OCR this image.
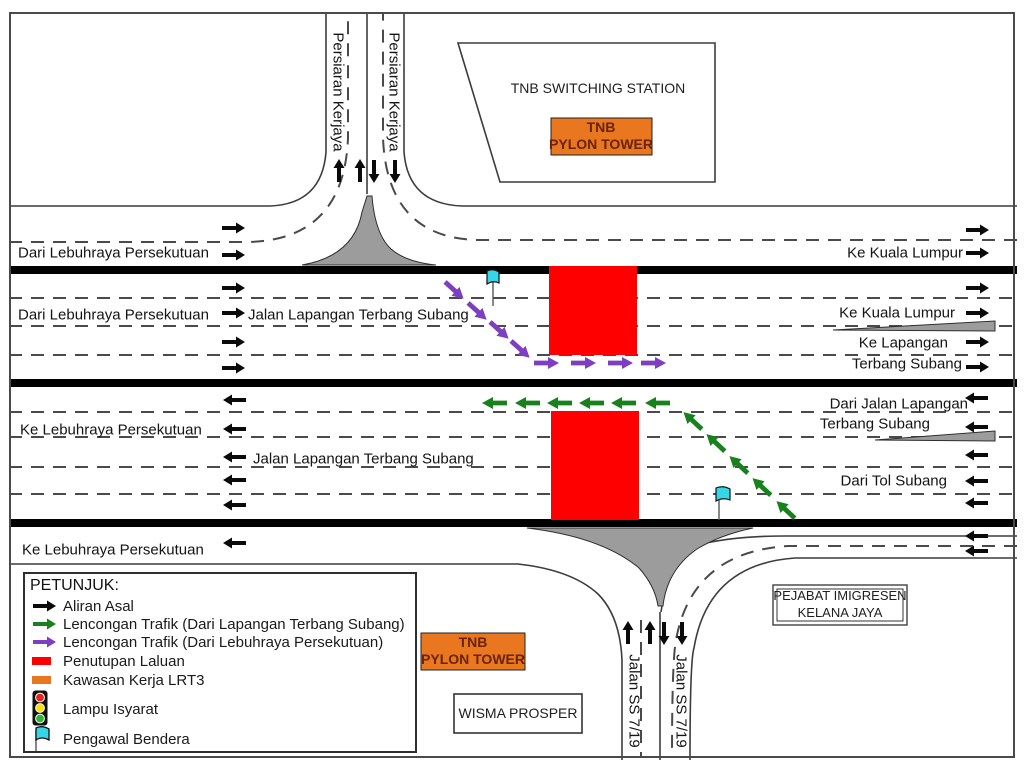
Persiaran Kerjaya	Persiaran Kerjaya
Dari Lebuhraya Persekutuan	Ke Kuala Lumpur
Dari Lebuhraya Persekutuan	Jalan Lapangan Terbang Subang	Ke Kuala Lumpur
Ke Lapangan
Terbang Subang
Dari Jalan Lapangan
Terbang Subang
Ke Lebuhraya Persekutuan
Jalan Lapangan Terbang Subang
Dari Tol Subang
Ke Lebuhraya Persekutuan
Jalan SS 7/19 Jalan SS 7/19
TNB SWITCHING STATION
TNB
PYLON TOWER
TNB
PYLON TOWER
WISMA PROSPER
PEJABAT IMIGRESEN
KELANA JAYA
PETUNJUK:
Aliran Asal
Lencongan Trafik (Dari Lapangan Terbang Subang)
Lencongan Trafik (Dari Lebuhraya Persekutuan)
Penutupan Laluan
Kawasan Kerja LRT3
Lampu Isyarat
Pengawal Bendera
